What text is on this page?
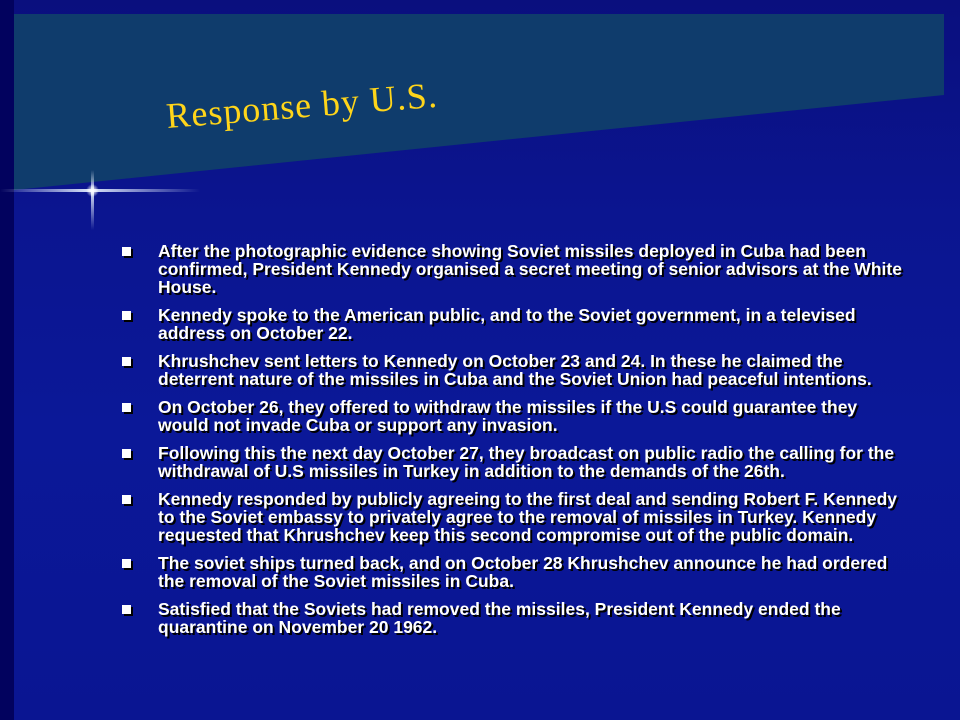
Response by U.S.
After the photographic evidence showing Soviet missiles deployed in Cuba had been confirmed, President Kennedy organised a secret meeting of senior advisors at the White House.
Kennedy spoke to the American public, and to the Soviet government, in a televised address on October 22.
Khrushchev sent letters to Kennedy on October 23 and 24. In these he claimed the deterrent nature of the missiles in Cuba and the Soviet Union had peaceful intentions.
On October 26, they offered to withdraw the missiles if the U.S could guarantee they would not invade Cuba or support any invasion.
Following this the next day October 27, they broadcast on public radio the calling for the withdrawal of U.S missiles in Turkey in addition to the demands of the 26th.
Kennedy responded by publicly agreeing to the first deal and sending Robert F. Kennedy to the Soviet embassy to privately agree to the removal of missiles in Turkey. Kennedy requested that Khrushchev keep this second compromise out of the public domain.
The soviet ships turned back, and on October 28 Khrushchev announce he had ordered the removal of the Soviet missiles in Cuba.
Satisfied that the Soviets had removed the missiles, President Kennedy ended the quarantine on November 20 1962.
